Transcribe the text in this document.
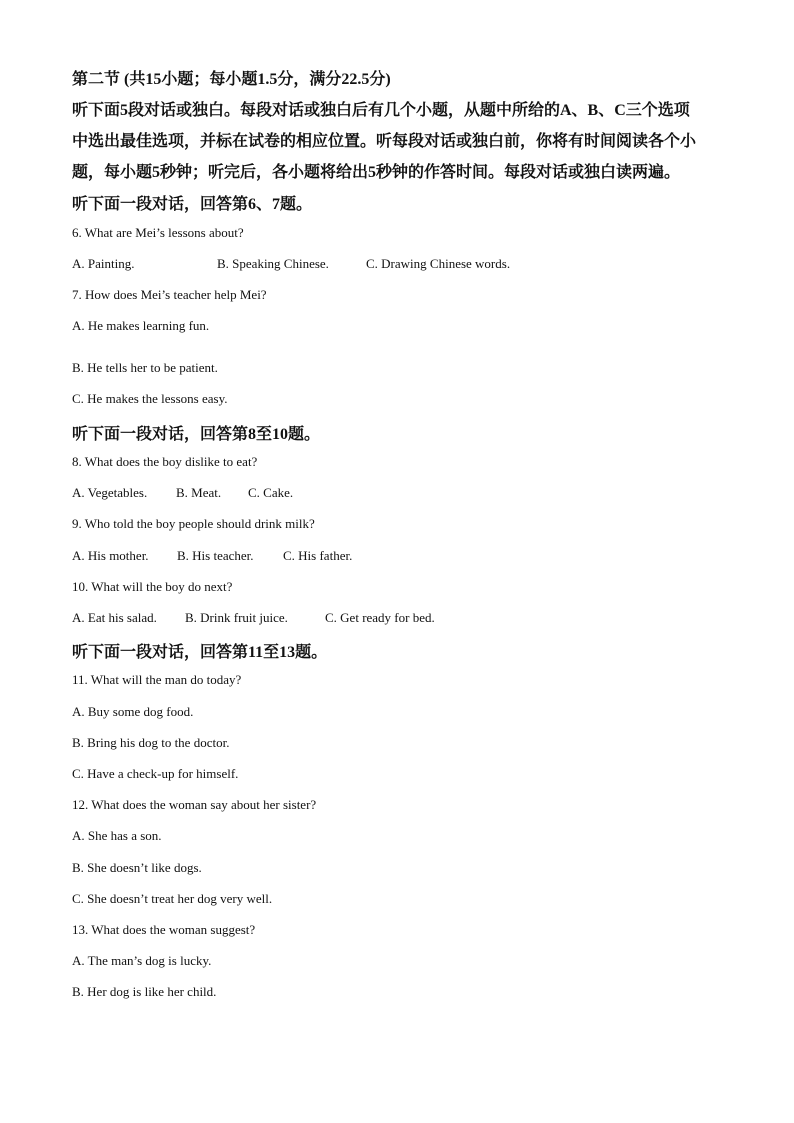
第二节 (共15小题；每小题1.5分，满分22.5分)
听下面5段对话或独白。每段对话或独白后有几个小题，从题中所给的A、B、C三个选项
中选出最佳选项，并标在试卷的相应位置。听每段对话或独白前，你将有时间阅读各个小
题，每小题5秒钟；听完后，各小题将给出5秒钟的作答时间。每段对话或独白读两遍。
听下面一段对话，回答第6、7题。
6. What are Mei’s lessons about?
A. Painting.	B. Speaking Chinese.	C. Drawing Chinese words.
7. How does Mei’s teacher help Mei?
A. He makes learning fun.
B. He tells her to be patient.
C. He makes the lessons easy.
听下面一段对话，回答第8至10题。
8. What does the boy dislike to eat?
A. Vegetables. B. Meat. C. Cake.
9. Who told the boy people should drink milk?
A. His mother. B. His teacher. C. His father.
10. What will the boy do next?
A. Eat his salad. B. Drink fruit juice.	C. Get ready for bed.
听下面一段对话，回答第11至13题。
11. What will the man do today?
A. Buy some dog food.
B. Bring his dog to the doctor.
C. Have a check-up for himself.
12. What does the woman say about her sister?
A. She has a son.
B. She doesn’t like dogs.
C. She doesn’t treat her dog very well.
13. What does the woman suggest?
A. The man’s dog is lucky.
B. Her dog is like her child.
